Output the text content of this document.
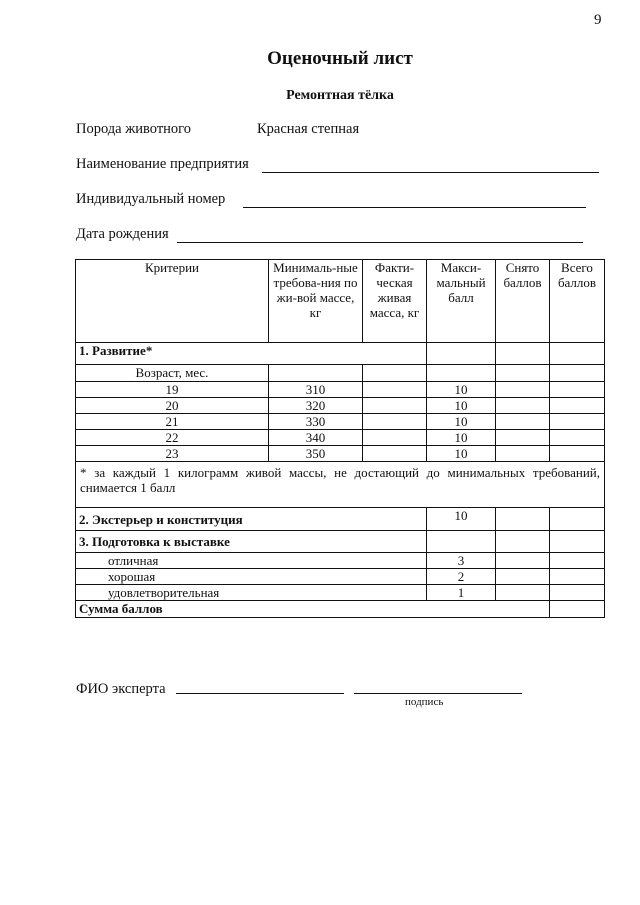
9
Оценочный лист
Ремонтная тёлка
Порода животного	Красная степная
Наименование предприятия
Индивидуальный номер
Дата рождения
Критерии	Минималь-ные требова-ния по жи-вой массе, кг	Факти-ческая живая масса, кг	Макси-мальный балл	Снято баллов	Всего баллов
1. Развитие*					
Возраст, мес.					
19	310		10		
20	320		10		
21	330		10		
22	340		10		
23	350		10		
* за каждый 1 килограмм живой массы, не достающий до минимальных требований, снимается 1 балл					
2. Экстерьер и конституция			10		
3. Подготовка к выставке					
отличная			3		
хорошая			2		
удовлетворительная			1		
Сумма баллов					
ФИО эксперта
подпись
